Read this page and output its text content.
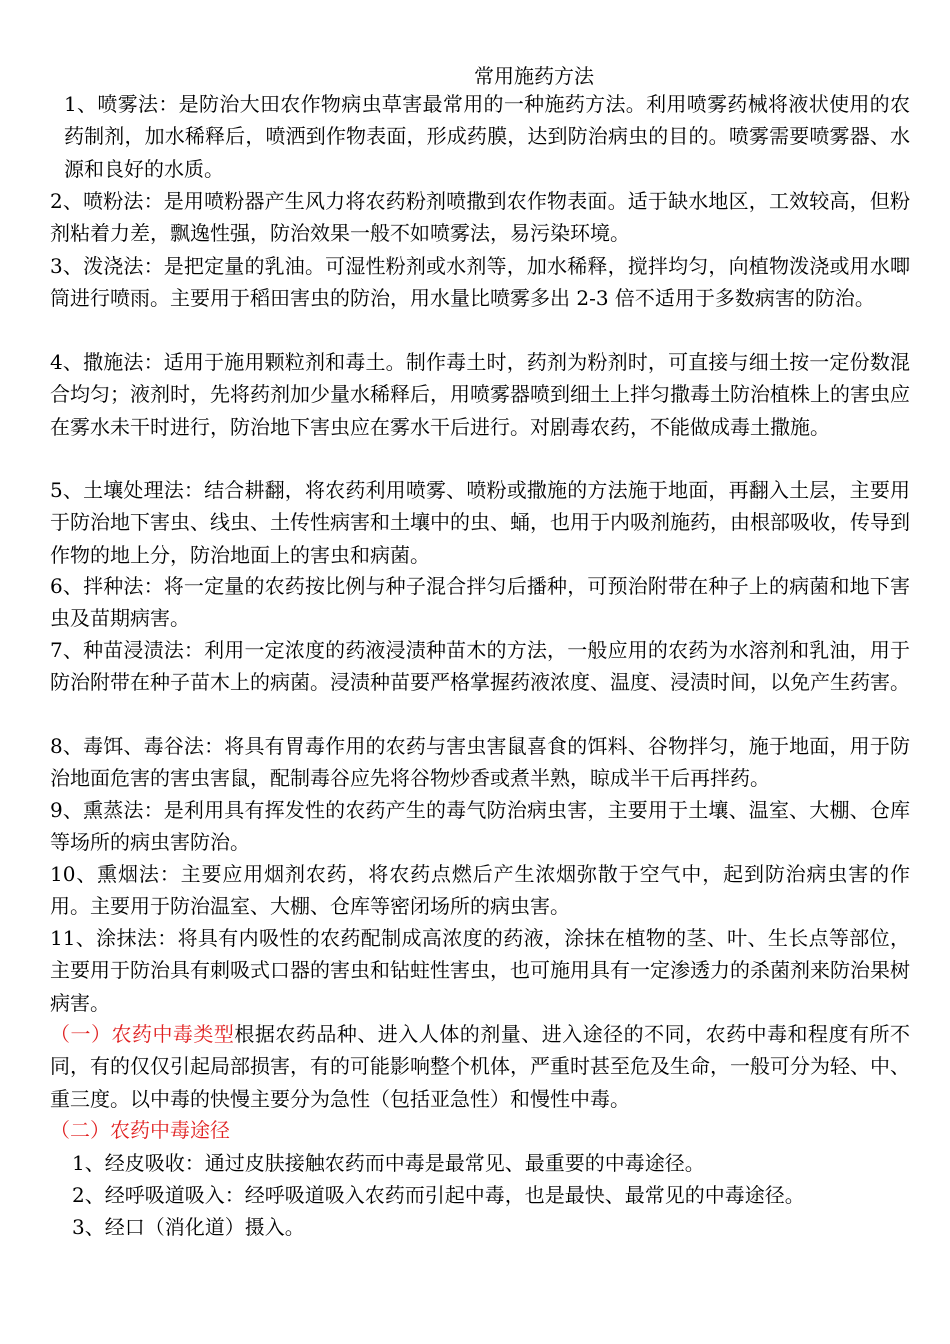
常用施药方法

1、喷雾法：是防治大田农作物病虫草害最常用的一种施药方法。利用喷雾药械将液状使用的农药制剂，加水稀释后，喷洒到作物表面，形成药膜，达到防治病虫的目的。喷雾需要喷雾器、水源和良好的水质。

2、喷粉法：是用喷粉器产生风力将农药粉剂喷撒到农作物表面。适于缺水地区，工效较高，但粉剂粘着力差，飘逸性强，防治效果一般不如喷雾法，易污染环境。

3、泼浇法：是把定量的乳油。可湿性粉剂或水剂等，加水稀释，搅拌均匀，向植物泼浇或用水唧筒进行喷雨。主要用于稻田害虫的防治，用水量比喷雾多出 2-3 倍不适用于多数病害的防治。

4、撒施法：适用于施用颗粒剂和毒土。制作毒土时，药剂为粉剂时，可直接与细土按一定份数混合均匀；液剂时，先将药剂加少量水稀释后，用喷雾器喷到细土上拌匀撒毒土防治植株上的害虫应在雾水未干时进行，防治地下害虫应在雾水干后进行。对剧毒农药，不能做成毒土撒施。

5、土壤处理法：结合耕翻，将农药利用喷雾、喷粉或撒施的方法施于地面，再翻入土层，主要用于防治地下害虫、线虫、土传性病害和土壤中的虫、蛹，也用于内吸剂施药，由根部吸收，传导到作物的地上分，防治地面上的害虫和病菌。

6、拌种法：将一定量的农药按比例与种子混合拌匀后播种，可预治附带在种子上的病菌和地下害虫及苗期病害。

7、种苗浸渍法：利用一定浓度的药液浸渍种苗木的方法，一般应用的农药为水溶剂和乳油，用于防治附带在种子苗木上的病菌。浸渍种苗要严格掌握药液浓度、温度、浸渍时间，以免产生药害。

8、毒饵、毒谷法：将具有胃毒作用的农药与害虫害鼠喜食的饵料、谷物拌匀，施于地面，用于防治地面危害的害虫害鼠，配制毒谷应先将谷物炒香或煮半熟，晾成半干后再拌药。

9、熏蒸法：是利用具有挥发性的农药产生的毒气防治病虫害，主要用于土壤、温室、大棚、仓库等场所的病虫害防治。

10、熏烟法：主要应用烟剂农药，将农药点燃后产生浓烟弥散于空气中，起到防治病虫害的作用。主要用于防治温室、大棚、仓库等密闭场所的病虫害。

11、涂抹法：将具有内吸性的农药配制成高浓度的药液，涂抹在植物的茎、叶、生长点等部位，主要用于防治具有刺吸式口器的害虫和钻蛀性害虫，也可施用具有一定渗透力的杀菌剂来防治果树病害。

（一）农药中毒类型根据农药品种、进入人体的剂量、进入途径的不同，农药中毒和程度有所不同，有的仅仅引起局部损害，有的可能影响整个机体，严重时甚至危及生命，一般可分为轻、中、重三度。以中毒的快慢主要分为急性（包括亚急性）和慢性中毒。

（二）农药中毒途径

1、经皮吸收：通过皮肤接触农药而中毒是最常见、最重要的中毒途径。

2、经呼吸道吸入：经呼吸道吸入农药而引起中毒，也是最快、最常见的中毒途径。

3、经口（消化道）摄入。
